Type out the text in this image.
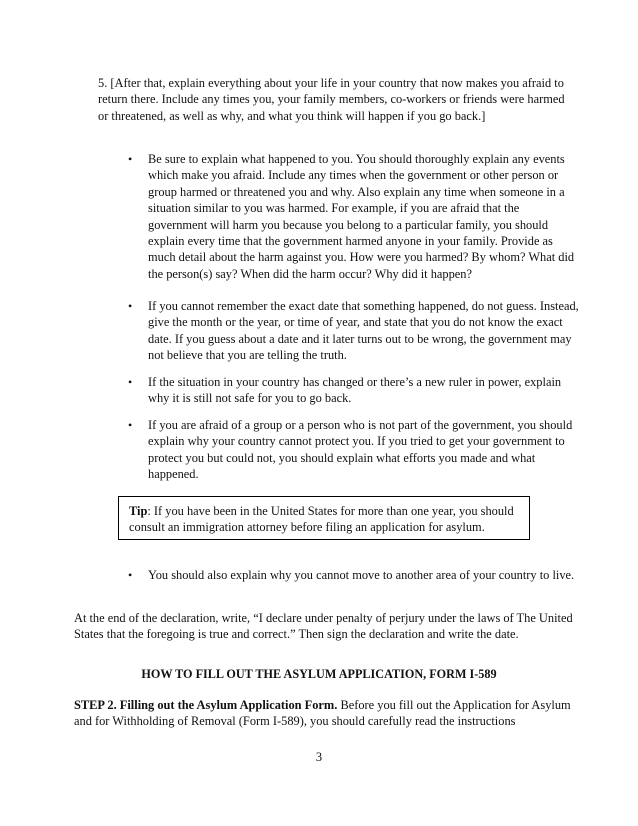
5. [After that, explain everything about your life in your country that now makes you afraid to return there. Include any times you, your family members, co-workers or friends were harmed or threatened, as well as why, and what you think will happen if you go back.]
• Be sure to explain what happened to you. You should thoroughly explain any events which make you afraid. Include any times when the government or other person or group harmed or threatened you and why. Also explain any time when someone in a situation similar to you was harmed. For example, if you are afraid that the government will harm you because you belong to a particular family, you should explain every time that the government harmed anyone in your family. Provide as much detail about the harm against you. How were you harmed? By whom? What did the person(s) say? When did the harm occur? Why did it happen?
• If you cannot remember the exact date that something happened, do not guess. Instead, give the month or the year, or time of year, and state that you do not know the exact date. If you guess about a date and it later turns out to be wrong, the government may not believe that you are telling the truth.
• If the situation in your country has changed or there’s a new ruler in power, explain why it is still not safe for you to go back.
• If you are afraid of a group or a person who is not part of the government, you should explain why your country cannot protect you. If you tried to get your government to protect you but could not, you should explain what efforts you made and what happened.
Tip: If you have been in the United States for more than one year, you should consult an immigration attorney before filing an application for asylum.
• You should also explain why you cannot move to another area of your country to live.
At the end of the declaration, write, “I declare under penalty of perjury under the laws of The United States that the foregoing is true and correct.” Then sign the declaration and write the date.
HOW TO FILL OUT THE ASYLUM APPLICATION, FORM I-589
STEP 2. Filling out the Asylum Application Form. Before you fill out the Application for Asylum and for Withholding of Removal (Form I-589), you should carefully read the instructions
3
